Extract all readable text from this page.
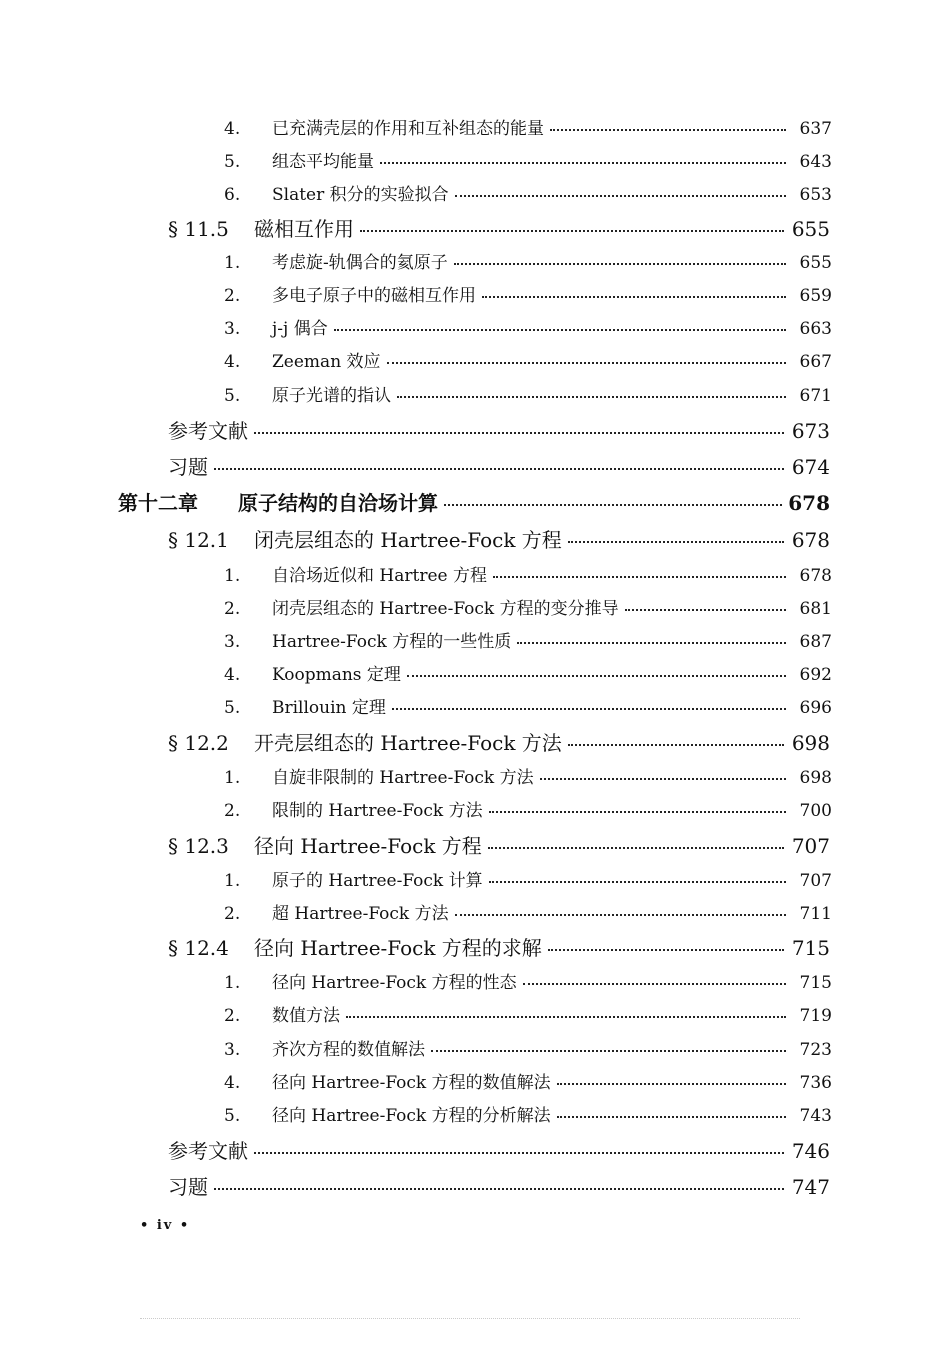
4.	已充满壳层的作用和互补组态的能量	637
5.	组态平均能量	643
6.	Slater 积分的实验拟合	653
§ 11.5	磁相互作用	655
1.	考虑旋-轨偶合的氦原子	655
2.	多电子原子中的磁相互作用	659
3.	j-j 偶合	663
4.	Zeeman 效应	667
5.	原子光谱的指认	671
参考文献	673
习题	674
第十二章	原子结构的自洽场计算	678
§ 12.1	闭壳层组态的 Hartree-Fock 方程	678
1.	自洽场近似和 Hartree 方程	678
2.	闭壳层组态的 Hartree-Fock 方程的变分推导	681
3.	Hartree-Fock 方程的一些性质	687
4.	Koopmans 定理	692
5.	Brillouin 定理	696
§ 12.2	开壳层组态的 Hartree-Fock 方法	698
1.	自旋非限制的 Hartree-Fock 方法	698
2.	限制的 Hartree-Fock 方法	700
§ 12.3	径向 Hartree-Fock 方程	707
1.	原子的 Hartree-Fock 计算	707
2.	超 Hartree-Fock 方法	711
§ 12.4	径向 Hartree-Fock 方程的求解	715
1.	径向 Hartree-Fock 方程的性态	715
2.	数值方法	719
3.	齐次方程的数值解法	723
4.	径向 Hartree-Fock 方程的数值解法	736
5.	径向 Hartree-Fock 方程的分析解法	743
参考文献	746
习题	747
• iv •
